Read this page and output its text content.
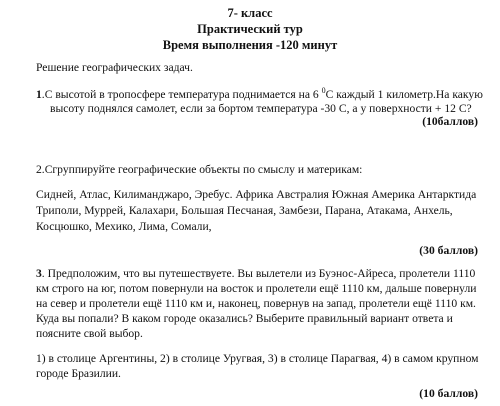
7- класс
Практический тур
Время выполнения -120 минут
Решение географических задач.
1.С высотой в тропосфере температура поднимается на 6 $^0$С каждый 1 километр.На какую
высоту поднялся самолет, если за бортом температура -30 С, а у поверхности + 12 С?
(10баллов)
2.Сгруппируйте географические объекты по смыслу и материкам:
Сидней, Атлас, Килиманджаро, Эребус. Африка Австралия Южная Америка Антарктида
Триполи, Муррей, Калахари, Большая Песчаная, Замбези, Парана, Атакама, Анхель,
Косцюшко, Мехико, Лима, Сомали,
(30 баллов)
3. Предположим, что вы путешествуете. Вы вылетели из Буэнос-Айреса, пролетели 1110
км строго на юг, потом повернули на восток и пролетели ещё 1110 км, дальше повернули
на север и пролетели ещё 1110 км и, наконец, повернув на запад, пролетели ещё 1110 км.
Куда вы попали? В каком городе оказались? Выберите правильный вариант ответа и
поясните свой выбор.
1) в столице Аргентины, 2) в столице Уругвая, 3) в столице Парагвая, 4) в самом крупном
городе Бразилии.
(10 баллов)
